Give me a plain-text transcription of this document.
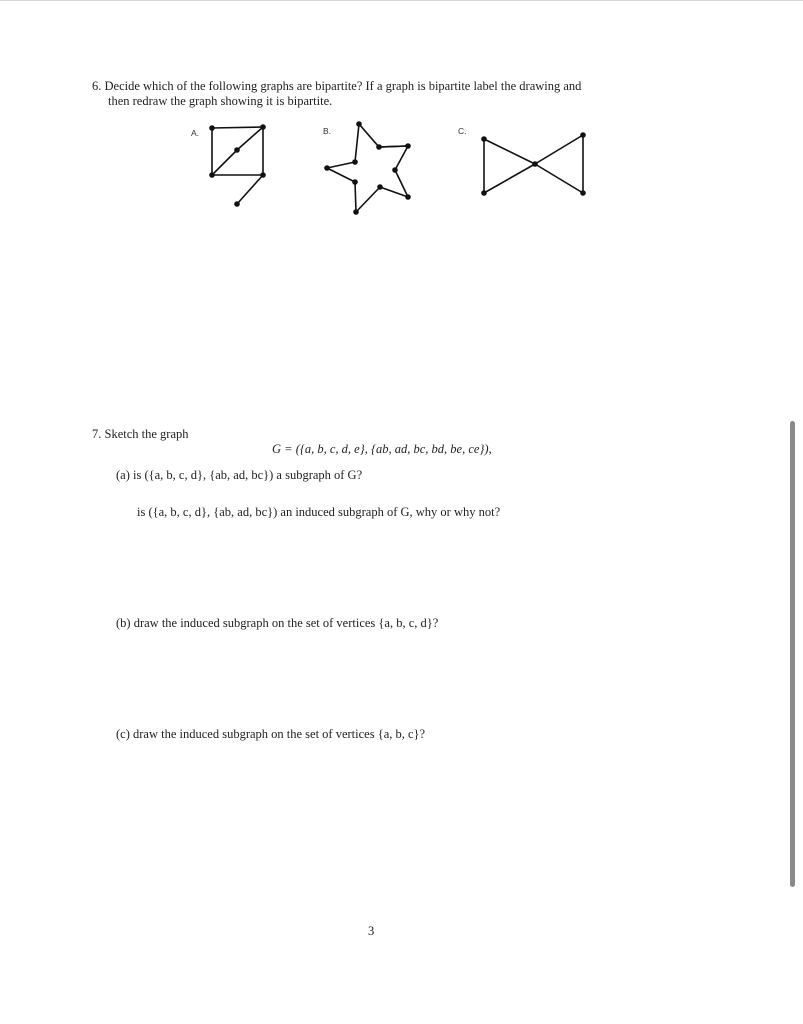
6. Decide which of the following graphs are bipartite? If a graph is bipartite label the drawing and
then redraw the graph showing it is bipartite.
A.	B.	C.
7. Sketch the graph
G = ({a, b, c, d, e}, {ab, ad, bc, bd, be, ce}),
(a) is ({a, b, c, d}, {ab, ad, bc}) a subgraph of G?
is ({a, b, c, d}, {ab, ad, bc}) an induced subgraph of G, why or why not?
(b) draw the induced subgraph on the set of vertices {a, b, c, d}?
(c) draw the induced subgraph on the set of vertices {a, b, c}?
3
